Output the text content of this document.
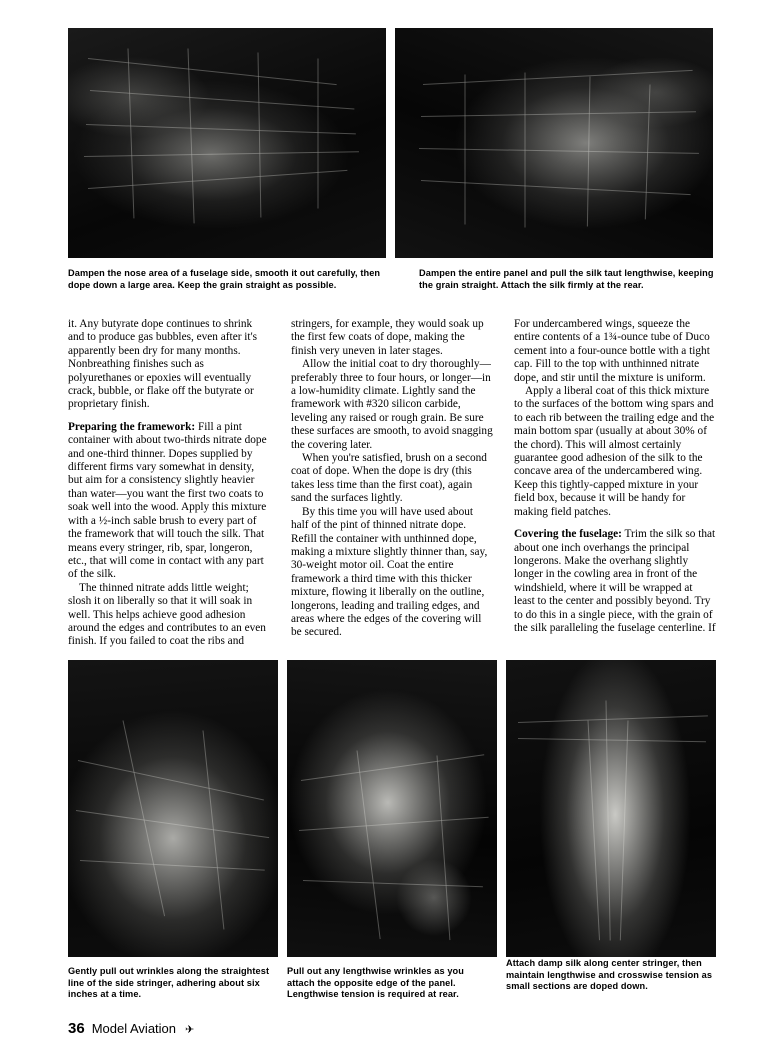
Dampen the nose area of a fuselage side, smooth it out carefully, then dope down a large area. Keep the grain straight as possible.
Dampen the entire panel and pull the silk taut lengthwise, keeping the grain straight. Attach the silk firmly at the rear.

it. Any butyrate dope continues to shrink and to produce gas bubbles, even after it's apparently been dry for many months. Nonbreathing finishes such as polyurethanes or epoxies will eventually crack, bubble, or flake off the butyrate or proprietary finish.

Preparing the framework: Fill a pint container with about two-thirds nitrate dope and one-third thinner. Dopes supplied by different firms vary somewhat in density, but aim for a consistency slightly heavier than water—you want the first two coats to soak well into the wood. Apply this mixture with a ½-inch sable brush to every part of the framework that will touch the silk. That means every stringer, rib, spar, longeron, etc., that will come in contact with any part of the silk.

The thinned nitrate adds little weight; slosh it on liberally so that it will soak in well. This helps achieve good adhesion around the edges and contributes to an even finish. If you failed to coat the ribs and

stringers, for example, they would soak up the first few coats of dope, making the finish very uneven in later stages.

Allow the initial coat to dry thoroughly—preferably three to four hours, or longer—in a low-humidity climate. Lightly sand the framework with #320 silicon carbide, leveling any raised or rough grain. Be sure these surfaces are smooth, to avoid snagging the covering later.

When you're satisfied, brush on a second coat of dope. When the dope is dry (this takes less time than the first coat), again sand the surfaces lightly.

By this time you will have used about half of the pint of thinned nitrate dope. Refill the container with unthinned dope, making a mixture slightly thinner than, say, 30-weight motor oil. Coat the entire framework a third time with this thicker mixture, flowing it liberally on the outline, longerons, leading and trailing edges, and areas where the edges of the covering will be secured.

For undercambered wings, squeeze the entire contents of a 1¾-ounce tube of Duco cement into a four-ounce bottle with a tight cap. Fill to the top with unthinned nitrate dope, and stir until the mixture is uniform.

Apply a liberal coat of this thick mixture to the surfaces of the bottom wing spars and to each rib between the trailing edge and the main bottom spar (usually at about 30% of the chord). This will almost certainly guarantee good adhesion of the silk to the concave area of the undercambered wing. Keep this tightly-capped mixture in your field box, because it will be handy for making field patches.

Covering the fuselage: Trim the silk so that about one inch overhangs the principal longerons. Make the overhang slightly longer in the cowling area in front of the windshield, where it will be wrapped at least to the center and possibly beyond. Try to do this in a single piece, with the grain of the silk paralleling the fuselage centerline. If

Gently pull out wrinkles along the straightest line of the side stringer, adhering about six inches at a time.
Pull out any lengthwise wrinkles as you attach the opposite edge of the panel. Lengthwise tension is required at rear.
Attach damp silk along center stringer, then maintain lengthwise and crosswise tension as small sections are doped down.
36 Model Aviation ✈
